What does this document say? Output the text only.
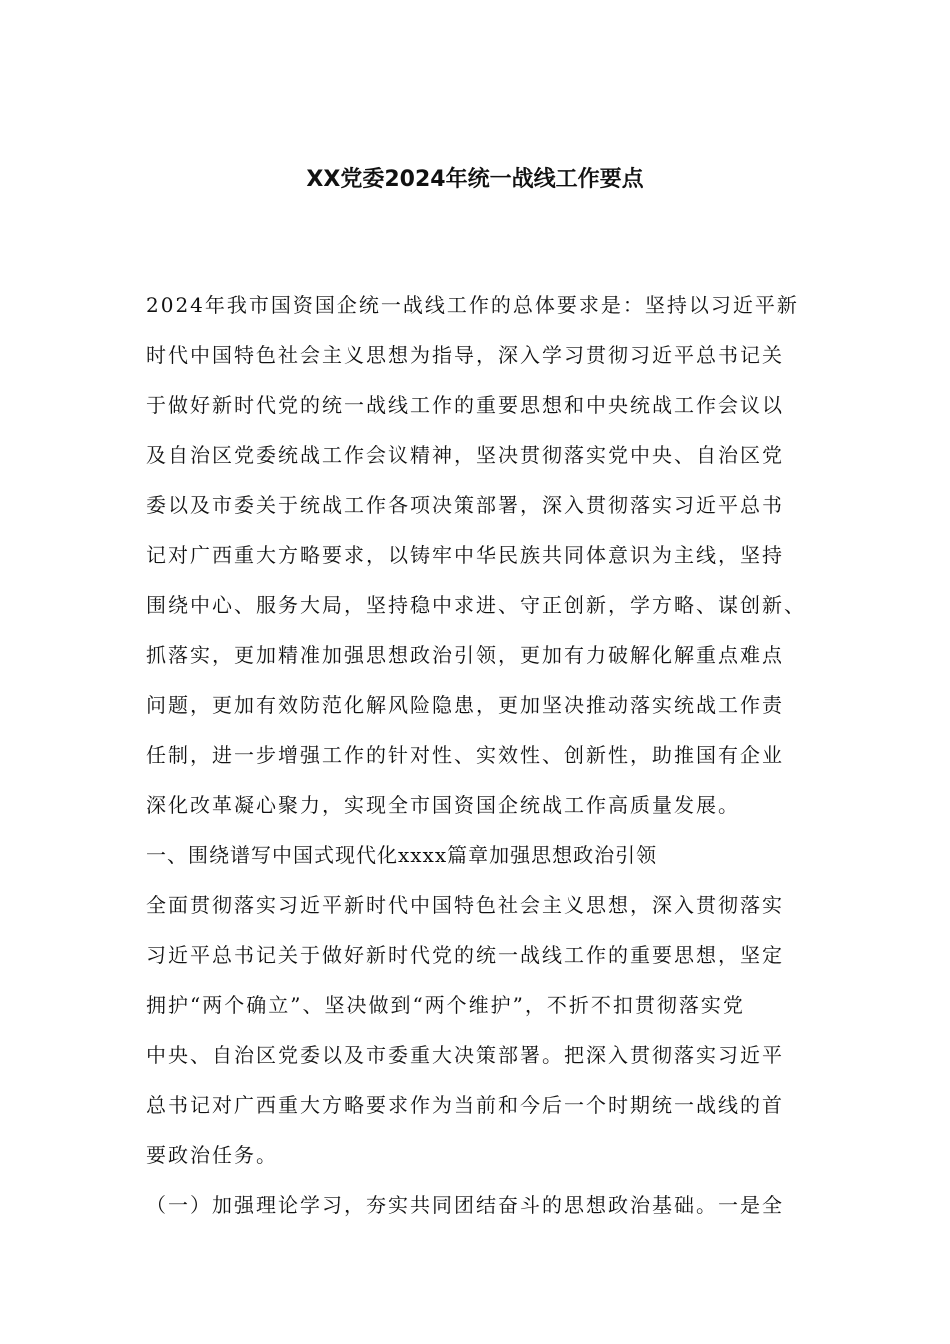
XX党委2024年统一战线工作要点

2024年我市国资国企统一战线工作的总体要求是：坚持以习近平新

时代中国特色社会主义思想为指导，深入学习贯彻习近平总书记关

于做好新时代党的统一战线工作的重要思想和中央统战工作会议以

及自治区党委统战工作会议精神，坚决贯彻落实党中央、自治区党

委以及市委关于统战工作各项决策部署，深入贯彻落实习近平总书

记对广西重大方略要求，以铸牢中华民族共同体意识为主线，坚持

围绕中心、服务大局，坚持稳中求进、守正创新，学方略、谋创新、

抓落实，更加精准加强思想政治引领，更加有力破解化解重点难点

问题，更加有效防范化解风险隐患，更加坚决推动落实统战工作责

任制，进一步增强工作的针对性、实效性、创新性，助推国有企业

深化改革凝心聚力，实现全市国资国企统战工作高质量发展。

一、围绕谱写中国式现代化xxxx篇章加强思想政治引领

全面贯彻落实习近平新时代中国特色社会主义思想，深入贯彻落实

习近平总书记关于做好新时代党的统一战线工作的重要思想，坚定

拥护“两个确立”、坚决做到“两个维护”，不折不扣贯彻落实党

中央、自治区党委以及市委重大决策部署。把深入贯彻落实习近平

总书记对广西重大方略要求作为当前和今后一个时期统一战线的首

要政治任务。

（一）加强理论学习，夯实共同团结奋斗的思想政治基础。一是全
